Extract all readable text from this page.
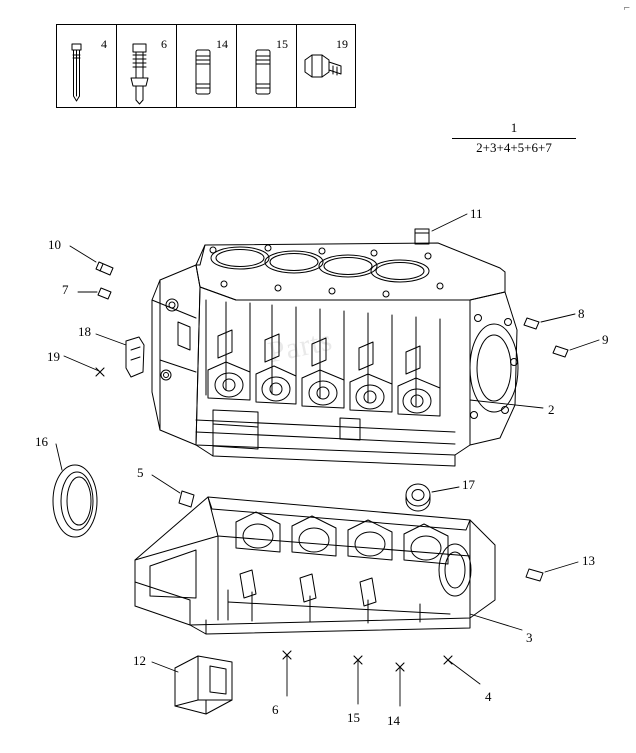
⌐
4	6	14	15	19
1
2+3+4+5+6+7
Parts
10
7
18
19
11
8
9
2
16
5
17
13
3
12
6
15 14
4
